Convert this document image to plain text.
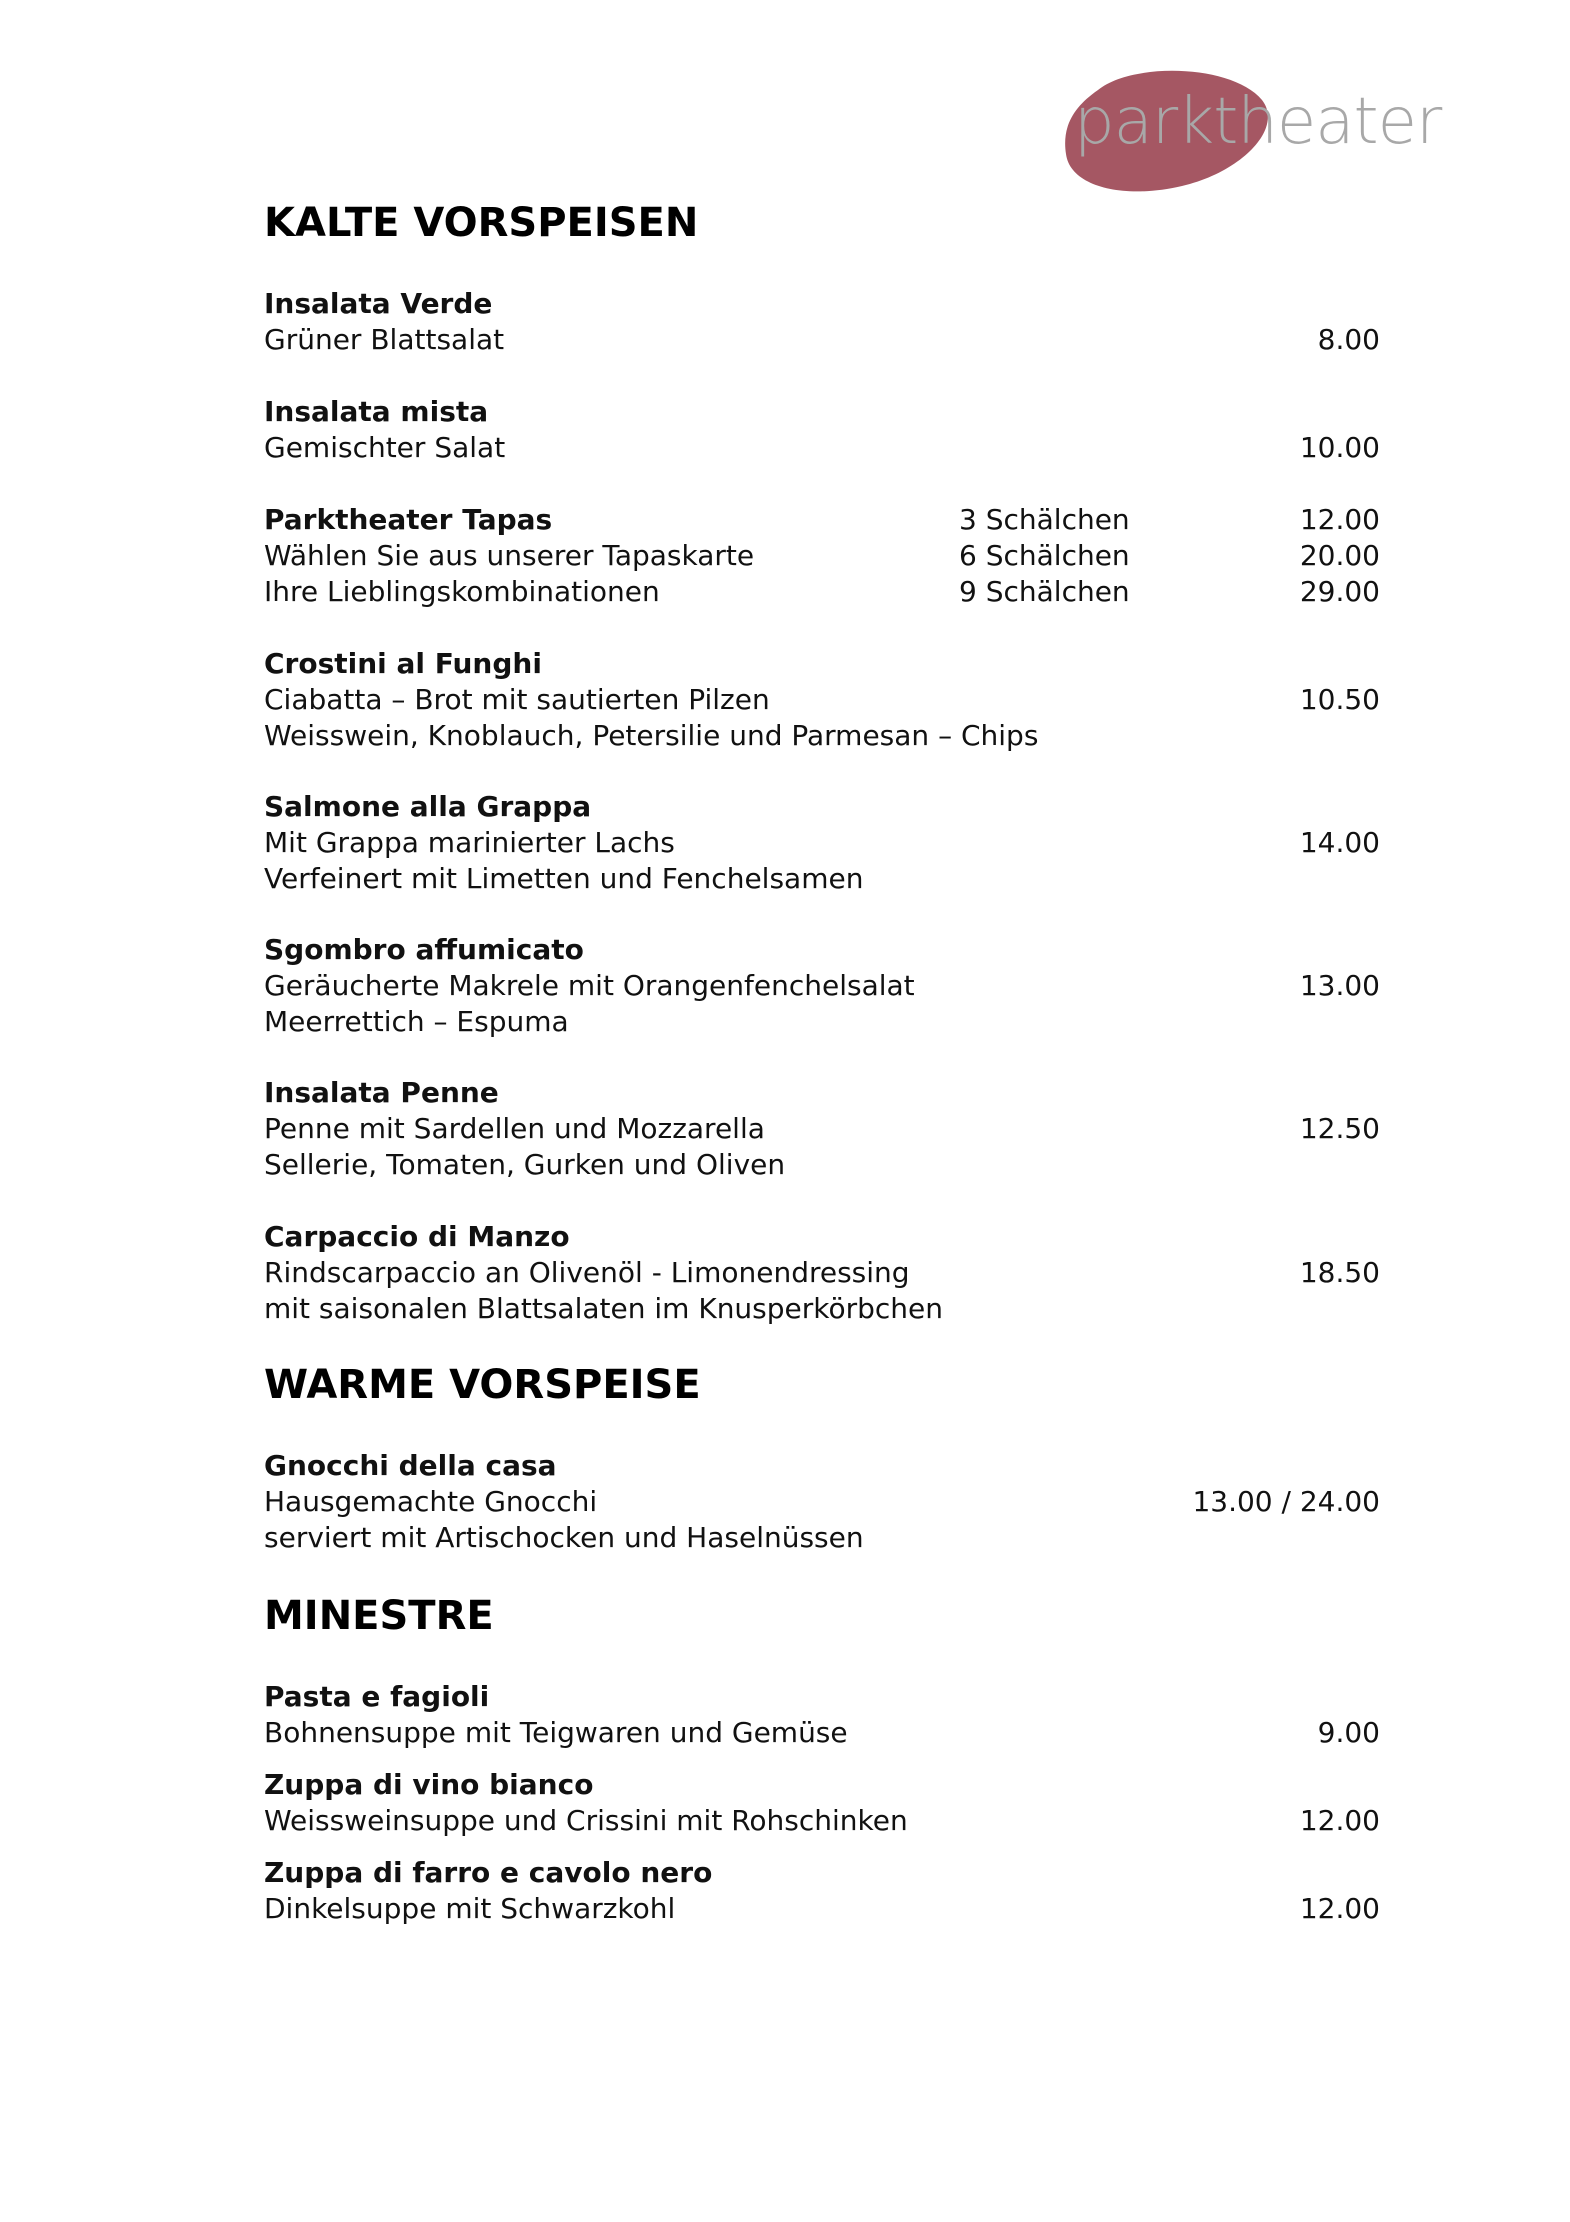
parktheater
KALTE VORSPEISEN
Insalata Verde
Grüner Blattsalat	8.00
Insalata mista
Gemischter Salat	10.00
Parktheater Tapas	3 Schälchen	12.00
Wählen Sie aus unserer Tapaskarte	6 Schälchen	20.00
Ihre Lieblingskombinationen	9 Schälchen	29.00
Crostini al Funghi
Ciabatta – Brot mit sautierten Pilzen	10.50
Weisswein, Knoblauch, Petersilie und Parmesan – Chips
Salmone alla Grappa
Mit Grappa marinierter Lachs	14.00
Verfeinert mit Limetten und Fenchelsamen
Sgombro affumicato
Geräucherte Makrele mit Orangenfenchelsalat	13.00
Meerrettich – Espuma
Insalata Penne
Penne mit Sardellen und Mozzarella	12.50
Sellerie, Tomaten, Gurken und Oliven
Carpaccio di Manzo
Rindscarpaccio an Olivenöl - Limonendressing	18.50
mit saisonalen Blattsalaten im Knusperkörbchen
WARME VORSPEISE
Gnocchi della casa
Hausgemachte Gnocchi	13.00 / 24.00
serviert mit Artischocken und Haselnüssen
MINESTRE
Pasta e fagioli
Bohnensuppe mit Teigwaren und Gemüse	9.00
Zuppa di vino bianco
Weissweinsuppe und Crissini mit Rohschinken	12.00
Zuppa di farro e cavolo nero
Dinkelsuppe mit Schwarzkohl	12.00
